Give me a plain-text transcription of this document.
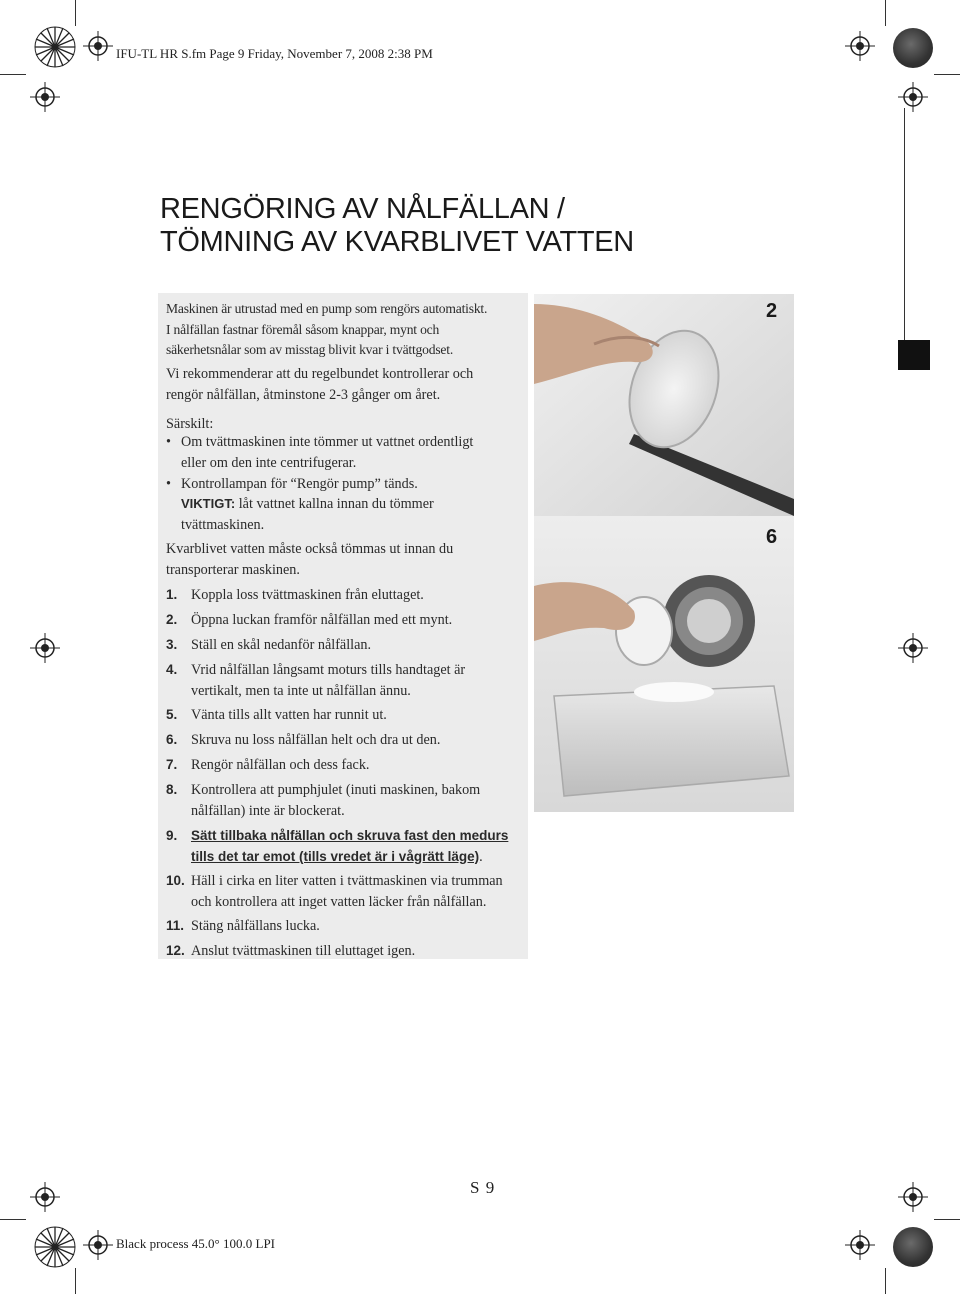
IFU-TL HR S.fm Page 9 Friday, November 7, 2008 2:38 PM
Black process 45.0° 100.0 LPI
RENGÖRING AV NÅLFÄLLAN /
TÖMNING AV KVARBLIVET VATTEN

Maskinen är utrustad med en pump som rengörs automatiskt.

I nålfällan fastnar föremål såsom knappar, mynt och

säkerhetsnålar som av misstag blivit kvar i tvättgodset.

Vi rekommenderar att du regelbundet kontrollerar och

rengör nålfällan, åtminstone 2-3 gånger om året.

Särskilt:
• Om tvättmaskinen inte tömmer ut vattnet ordentligt
eller om den inte centrifugerar.
• Kontrollampan för “Rengör pump” tänds.
VIKTIGT: låt vattnet kallna innan du tömmer
tvättmaskinen.

Kvarblivet vatten måste också tömmas ut innan du

transporterar maskinen.

1. Koppla loss tvättmaskinen från eluttaget.
2. Öppna luckan framför nålfällan med ett mynt.
3. Ställ en skål nedanför nålfällan.
4. Vrid nålfällan långsamt moturs tills handtaget är
vertikalt, men ta inte ut nålfällan ännu.
5. Vänta tills allt vatten har runnit ut.
6. Skruva nu loss nålfällan helt och dra ut den.
7. Rengör nålfällan och dess fack.
8. Kontrollera att pumphjulet (inuti maskinen, bakom
nålfällan) inte är blockerat.
9. Sätt tillbaka nålfällan och skruva fast den medurs
tills det tar emot (tills vredet är i vågrätt läge).
10. Häll i cirka en liter vatten i tvättmaskinen via trumman
och kontrollera att inget vatten läcker från nålfällan.
11. Stäng nålfällans lucka.
12. Anslut tvättmaskinen till eluttaget igen.
2
6
S 9
